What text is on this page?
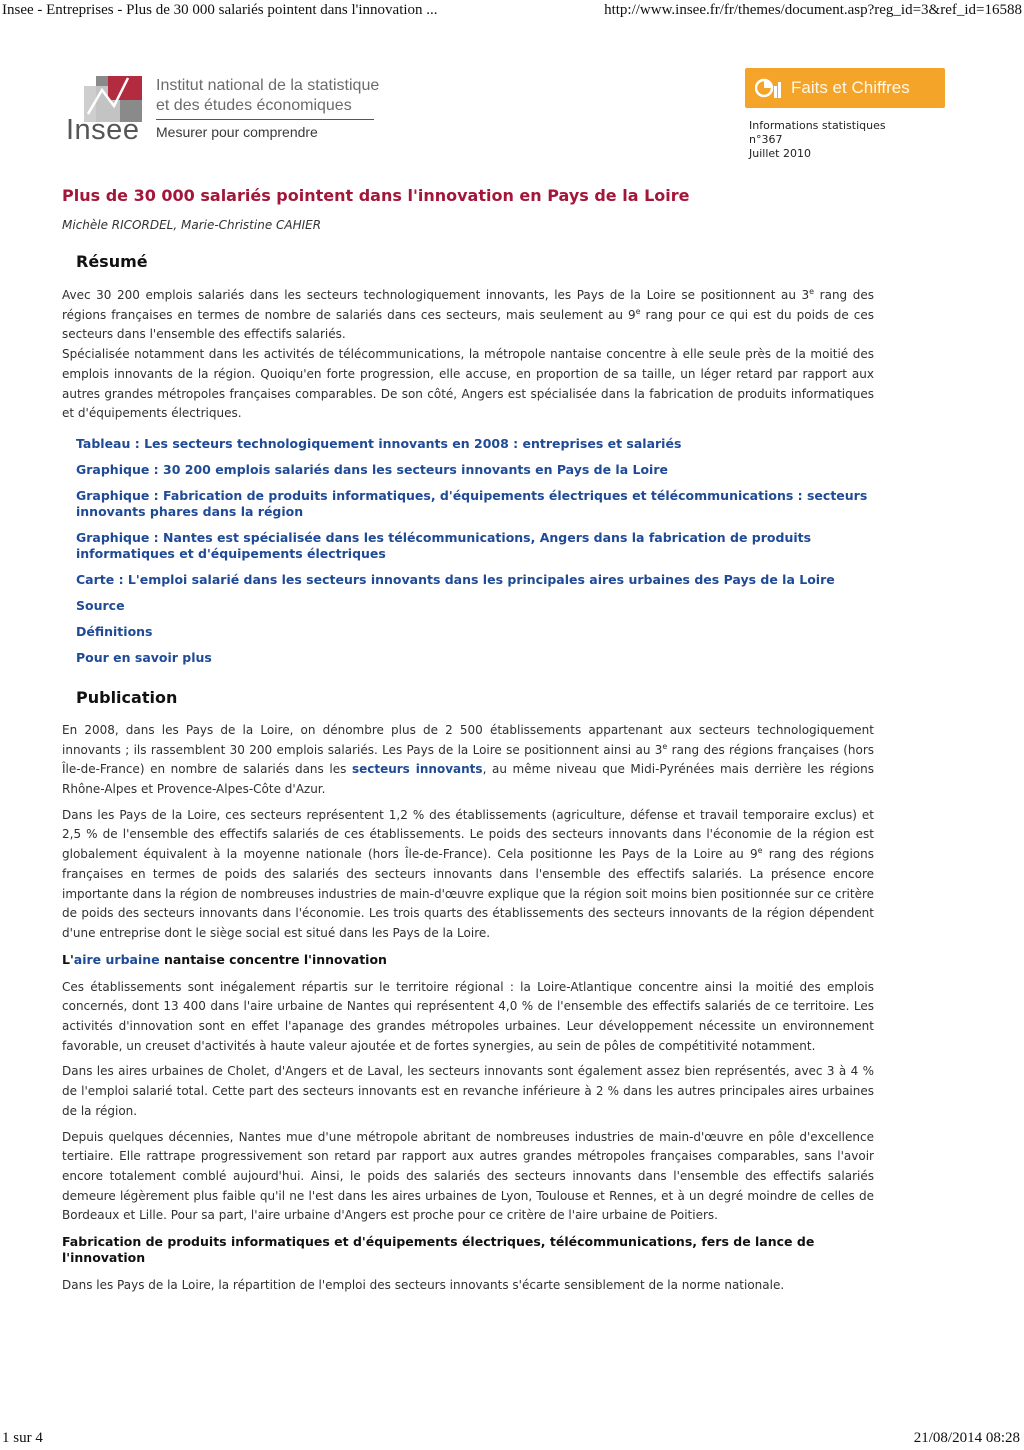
Insee - Entreprises - Plus de 30 000 salariés pointent dans l'innovation ...	http://www.insee.fr/fr/themes/document.asp?reg_id=3&ref_id=16588
Insee
Institut national de la statistique
et des études économiques
Mesurer pour comprendre
Faits et Chiffres
Informations statistiques
n°367
Juillet 2010
Plus de 30 000 salariés pointent dans l'innovation en Pays de la Loire
Michèle RICORDEL, Marie-Christine CAHIER
Résumé

Avec 30 200 emplois salariés dans les secteurs technologiquement innovants, les Pays de la Loire se positionnent au 3e rang des régions françaises en termes de nombre de salariés dans ces secteurs, mais seulement au 9e rang pour ce qui est du poids de ces secteurs dans l'ensemble des effectifs salariés.

Spécialisée notamment dans les activités de télécommunications, la métropole nantaise concentre à elle seule près de la moitié des emplois innovants de la région. Quoiqu'en forte progression, elle accuse, en proportion de sa taille, un léger retard par rapport aux autres grandes métropoles françaises comparables. De son côté, Angers est spécialisée dans la fabrication de produits informatiques et d'équipements électriques.

Tableau : Les secteurs technologiquement innovants en 2008 : entreprises et salariés
Graphique : 30 200 emplois salariés dans les secteurs innovants en Pays de la Loire
Graphique : Fabrication de produits informatiques, d'équipements électriques et télécommunications : secteurs innovants phares dans la région
Graphique : Nantes est spécialisée dans les télécommunications, Angers dans la fabrication de produits informatiques et d'équipements électriques
Carte : L'emploi salarié dans les secteurs innovants dans les principales aires urbaines des Pays de la Loire
Source
Définitions
Pour en savoir plus
Publication

En 2008, dans les Pays de la Loire, on dénombre plus de 2 500 établissements appartenant aux secteurs technologiquement innovants ; ils rassemblent 30 200 emplois salariés. Les Pays de la Loire se positionnent ainsi au 3e rang des régions françaises (hors Île-de-France) en nombre de salariés dans les secteurs innovants, au même niveau que Midi-Pyrénées mais derrière les régions Rhône-Alpes et Provence-Alpes-Côte d'Azur.

Dans les Pays de la Loire, ces secteurs représentent 1,2 % des établissements (agriculture, défense et travail temporaire exclus) et 2,5 % de l'ensemble des effectifs salariés de ces établissements. Le poids des secteurs innovants dans l'économie de la région est globalement équivalent à la moyenne nationale (hors Île-de-France). Cela positionne les Pays de la Loire au 9e rang des régions françaises en termes de poids des salariés des secteurs innovants dans l'ensemble des effectifs salariés. La présence encore importante dans la région de nombreuses industries de main-d'œuvre explique que la région soit moins bien positionnée sur ce critère de poids des secteurs innovants dans l'économie. Les trois quarts des établissements des secteurs innovants de la région dépendent d'une entreprise dont le siège social est situé dans les Pays de la Loire.

L'aire urbaine nantaise concentre l'innovation

Ces établissements sont inégalement répartis sur le territoire régional : la Loire-Atlantique concentre ainsi la moitié des emplois concernés, dont 13 400 dans l'aire urbaine de Nantes qui représentent 4,0 % de l'ensemble des effectifs salariés de ce territoire. Les activités d'innovation sont en effet l'apanage des grandes métropoles urbaines. Leur développement nécessite un environnement favorable, un creuset d'activités à haute valeur ajoutée et de fortes synergies, au sein de pôles de compétitivité notamment.

Dans les aires urbaines de Cholet, d'Angers et de Laval, les secteurs innovants sont également assez bien représentés, avec 3 à 4 % de l'emploi salarié total. Cette part des secteurs innovants est en revanche inférieure à 2 % dans les autres principales aires urbaines de la région.

Depuis quelques décennies, Nantes mue d'une métropole abritant de nombreuses industries de main-d'œuvre en pôle d'excellence tertiaire. Elle rattrape progressivement son retard par rapport aux autres grandes métropoles françaises comparables, sans l'avoir encore totalement comblé aujourd'hui. Ainsi, le poids des salariés des secteurs innovants dans l'ensemble des effectifs salariés demeure légèrement plus faible qu'il ne l'est dans les aires urbaines de Lyon, Toulouse et Rennes, et à un degré moindre de celles de Bordeaux et Lille. Pour sa part, l'aire urbaine d'Angers est proche pour ce critère de l'aire urbaine de Poitiers.

Fabrication de produits informatiques et d'équipements électriques, télécommunications, fers de lance de l'innovation

Dans les Pays de la Loire, la répartition de l'emploi des secteurs innovants s'écarte sensiblement de la norme nationale.

1 sur 4	21/08/2014 08:28
